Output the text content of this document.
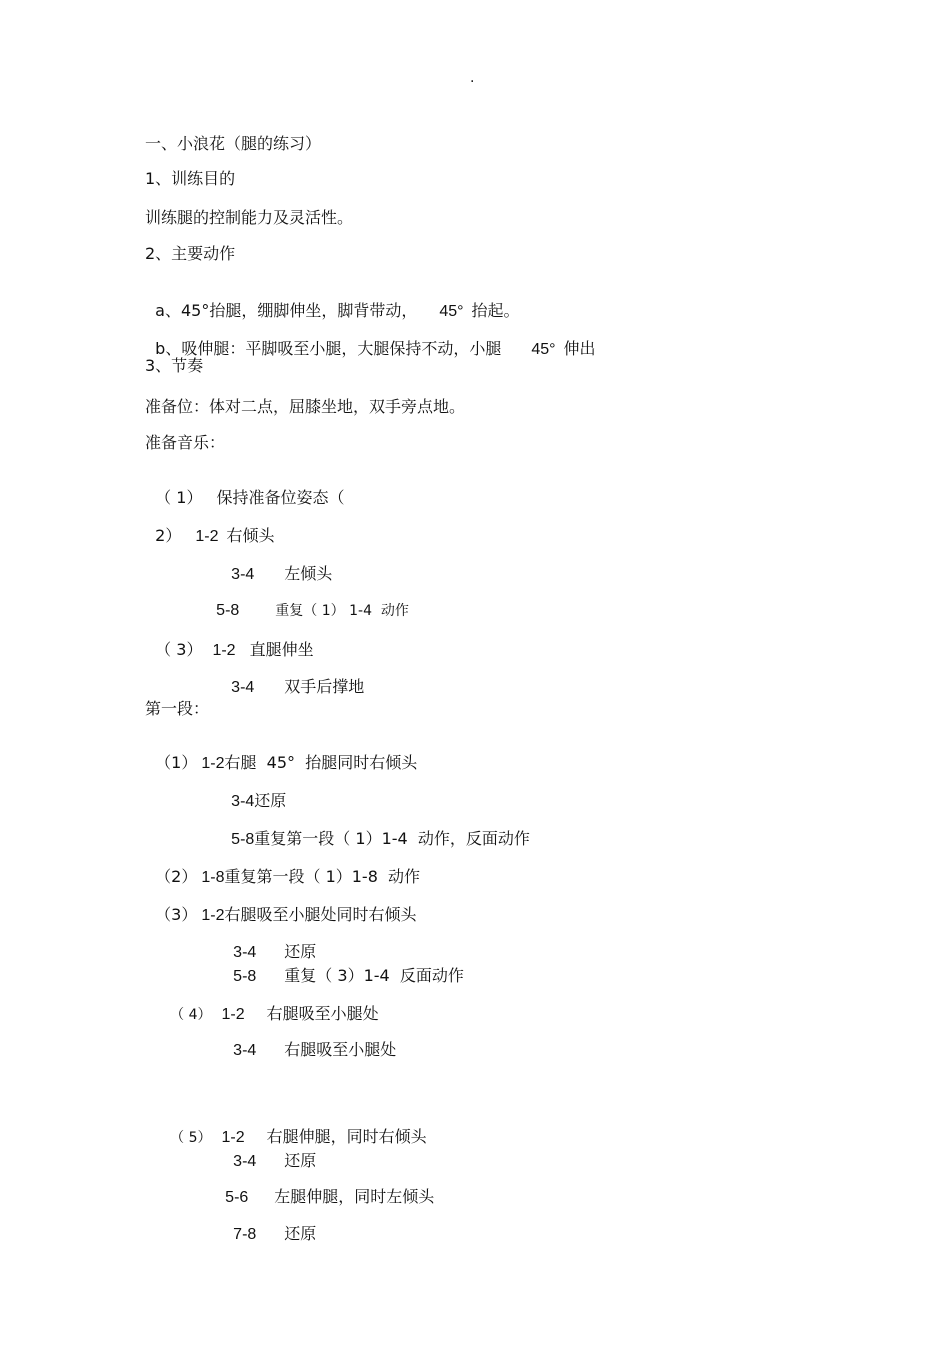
.
一、小浪花（腿的练习）
1、训练目的
训练腿的控制能力及灵活性。
2、主要动作

a、45°抬腿，绷脚伸坐，脚背带动， 45° 抬起。

b、吸伸腿：平脚吸至小腿，大腿保持不动，小腿 45° 伸出

3、节奏
准备位：体对二点，屈膝坐地，双手旁点地。
准备音乐：

（ 1） 保持准备位姿态（

2） 1-2 右倾头

3-4 左倾头

5-8	重复（ 1） 1-4  动作

（ 3） 1-2 直腿伸坐

3-4 双手后撑地

第一段：

（1） 1-2右腿  45°  抬腿同时右倾头

3-4还原

5-8重复第一段（ 1）1-4  动作，反面动作

（2） 1-8重复第一段（ 1）1-8  动作

（3） 1-2右腿吸至小腿处同时右倾头

3-4 还原

5-8 重复（ 3）1-4  反面动作

（ 4） 1-2 右腿吸至小腿处

3-4 右腿吸至小腿处

（ 5） 1-2 右腿伸腿，同时右倾头

3-4 还原

5-6 左腿伸腿，同时左倾头

7-8 还原
